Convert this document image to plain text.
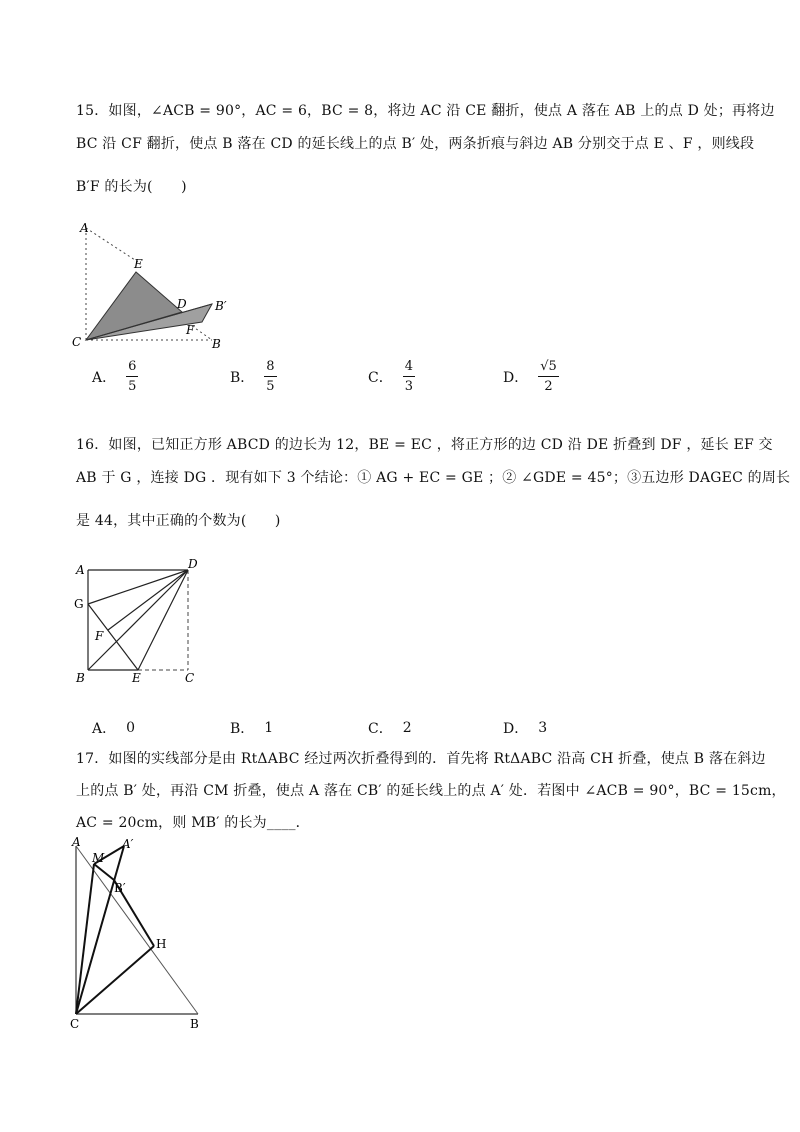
15．如图，∠ACB = 90°，AC = 6，BC = 8，将边 AC 沿 CE 翻折，使点 A 落在 AB 上的点 D 处；再将边
BC 沿 CF 翻折，使点 B 落在 CD 的延长线上的点 B′ 处，两条折痕与斜边 AB 分别交于点 E 、F ，则线段
B′F 的长为(　　)
A
E
D B′
F
C	B
A． $\frac{6}{5}$	B． $\frac{8}{5}$	C． $\frac{4}{3}$	D． $\frac{√5}{2}$
16．如图，已知正方形 ABCD 的边长为 12，BE = EC ，将正方形的边 CD 沿 DE 折叠到 DF ，延长 EF 交
AB 于 G ，连接 DG ．现有如下 3 个结论：① AG + EC = GE ；② ∠GDE = 45°；③五边形 DAGEC 的周长
是 44，其中正确的个数为(　　)
A	D
G
F
B	E	C
A． 0	B． 1	C． 2	D． 3
17．如图的实线部分是由 RtΔABC 经过两次折叠得到的．首先将 RtΔABC 沿高 CH 折叠，使点 B 落在斜边
上的点 B′ 处，再沿 CM 折叠，使点 A 落在 CB′ 的延长线上的点 A′ 处．若图中 ∠ACB = 90°，BC = 15cm，
AC = 20cm，则 MB′ 的长为____．
A
M
A′
B′
H
C	B
